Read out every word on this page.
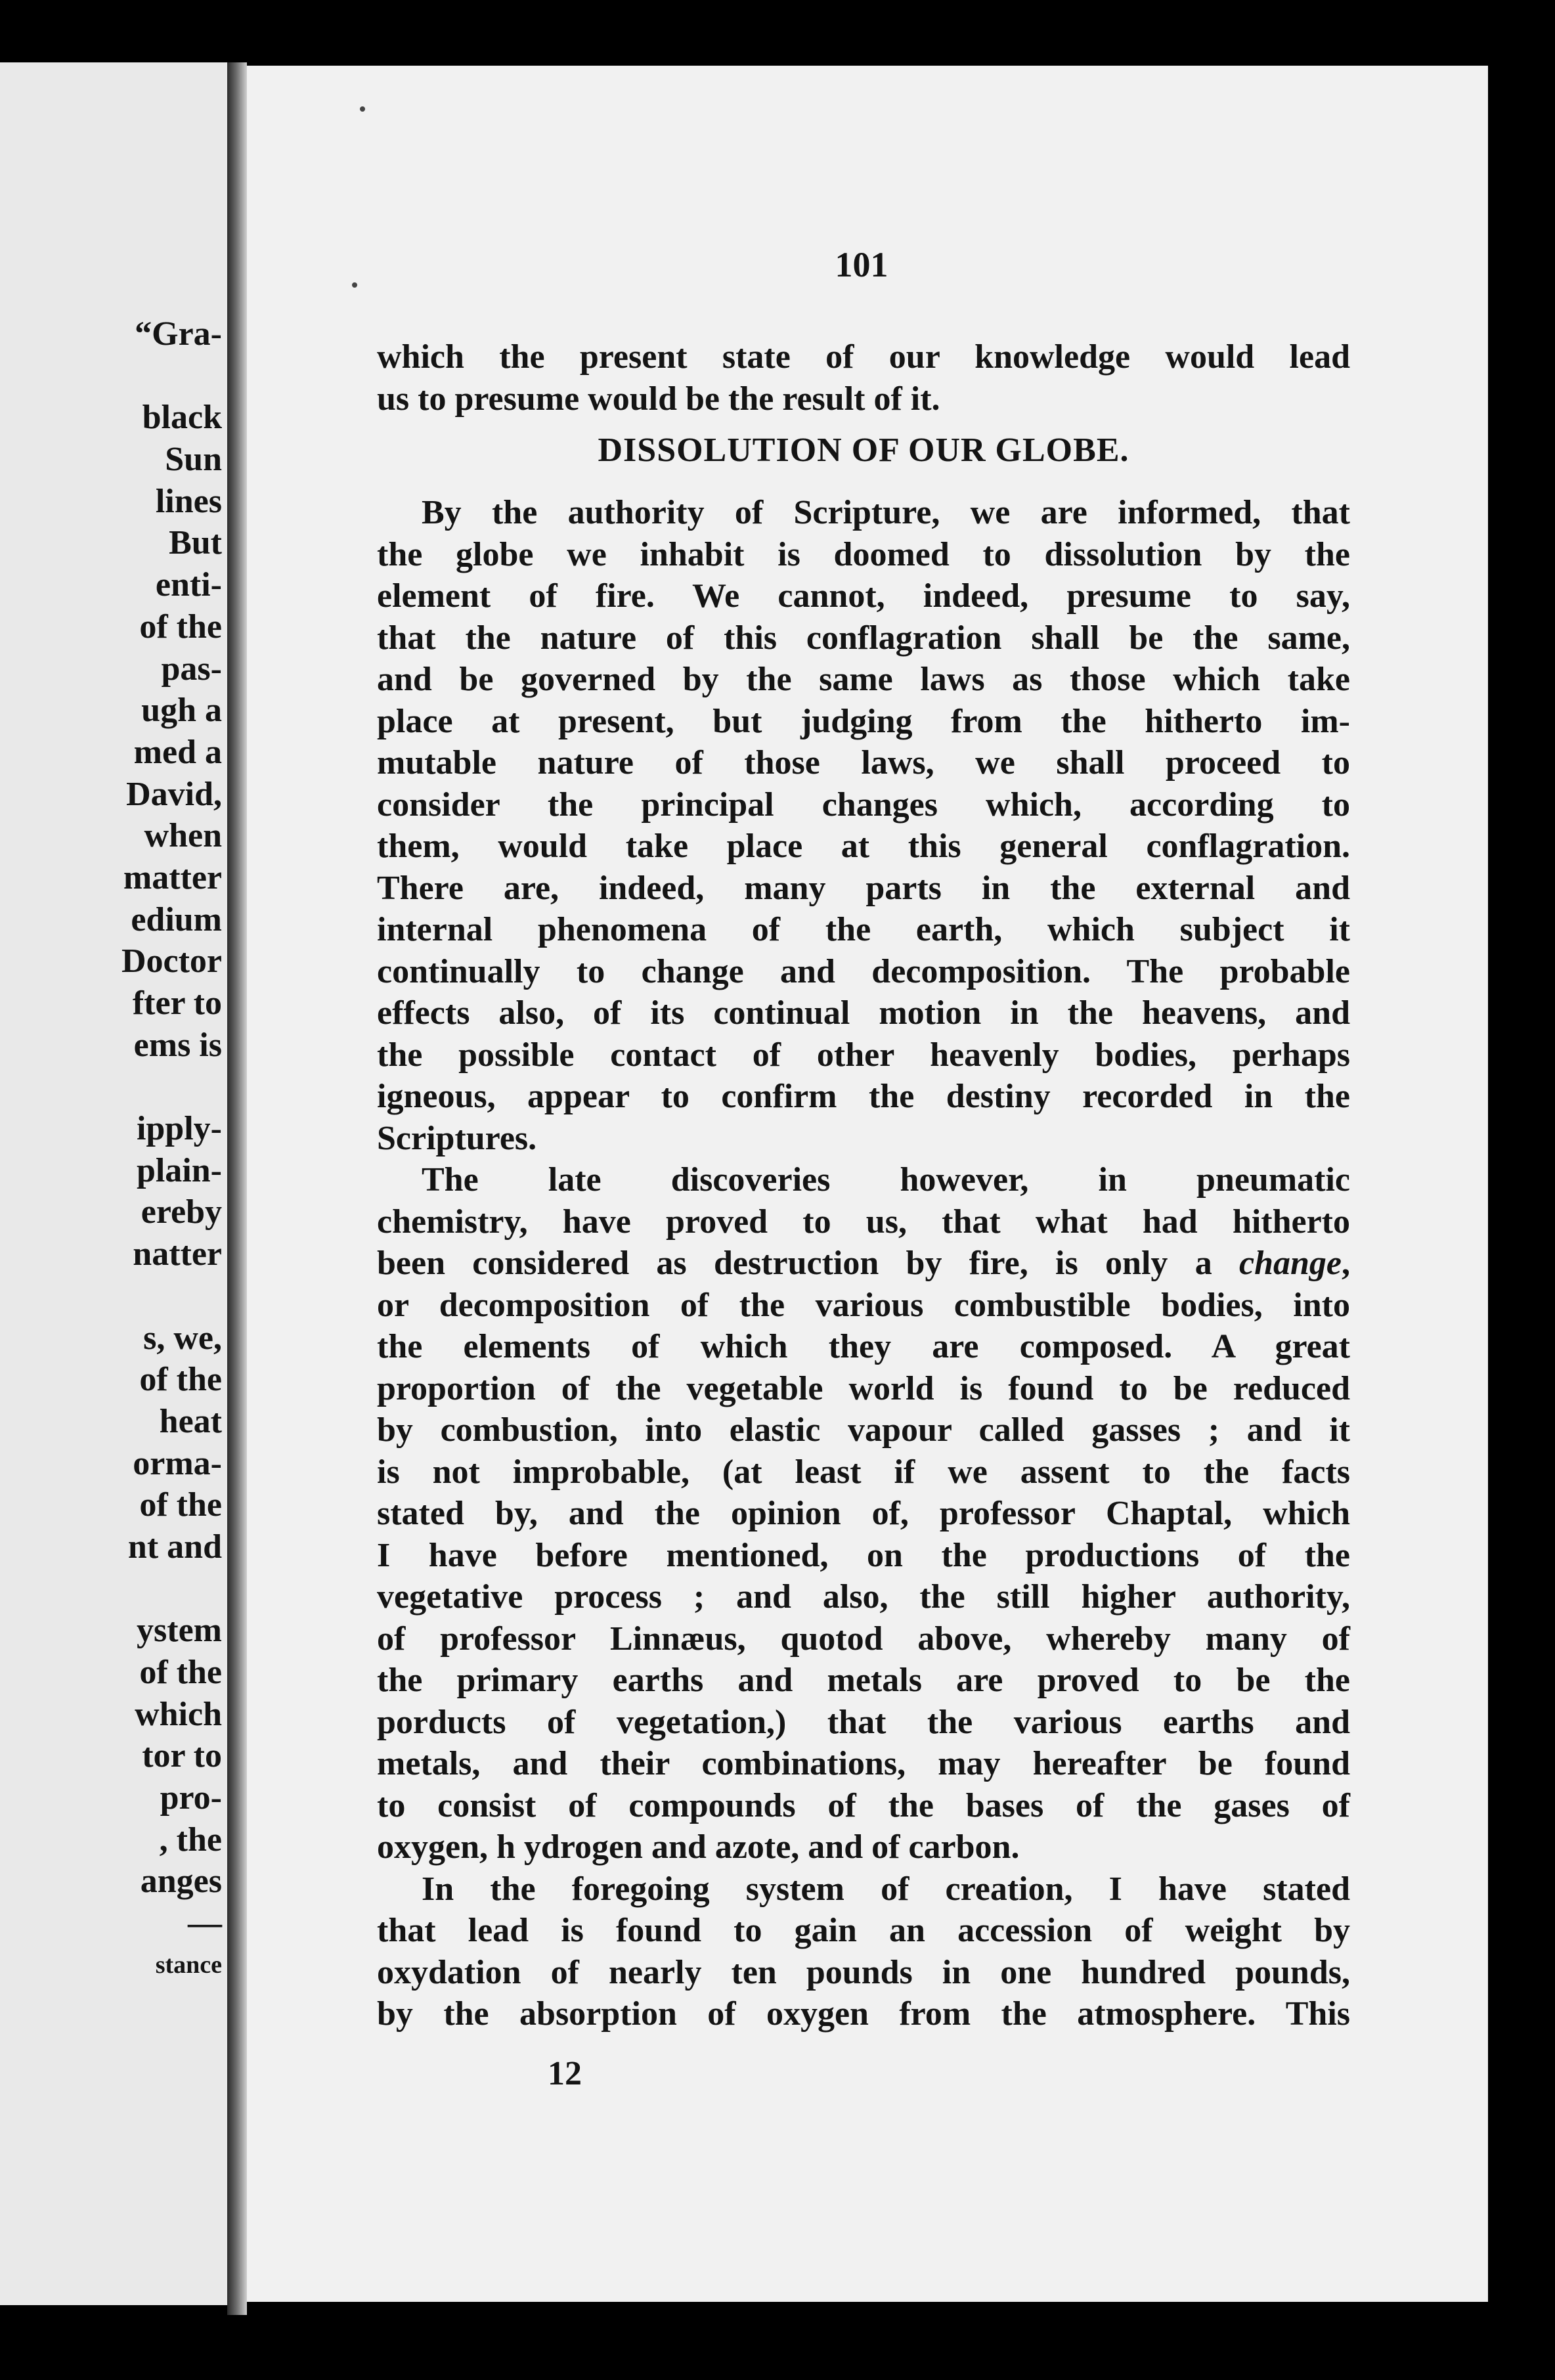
“Gra-
black
Sun
lines
But
enti-
of the
pas-
ugh a
med a
David,
when
matter
edium
Doctor
fter to
ems is
ipply-
plain-
ereby
natter
s, we,
of the
heat
orma-
of the
nt and
ystem
of the
which
tor to
pro-
, the
anges
—
stance
101
which the present state of our knowledge would lead
us to presume would be the result of it.
DISSOLUTION OF OUR GLOBE.
By the authority of Scripture, we are informed, that
the globe we inhabit is doomed to dissolution by the
element of fire. We cannot, indeed, presume to say,
that the nature of this conflagration shall be the same,
and be governed by the same laws as those which take
place at present, but judging from the hitherto im-
mutable nature of those laws, we shall proceed to
consider the principal changes which, according to
them, would take place at this general conflagration.
There are, indeed, many parts in the external and
internal phenomena of the earth, which subject it
continually to change and decomposition. The probable
effects also, of its continual motion in the heavens, and
the possible contact of other heavenly bodies, perhaps
igneous, appear to confirm the destiny recorded in the
Scriptures.
The late discoveries however, in pneumatic
chemistry, have proved to us, that what had hitherto
been considered as destruction by fire, is only a change,
or decomposition of the various combustible bodies, into
the elements of which they are composed. A great
proportion of the vegetable world is found to be reduced
by combustion, into elastic vapour called gasses ; and it
is not improbable, (at least if we assent to the facts
stated by, and the opinion of, professor Chaptal, which
I have before mentioned, on the productions of the
vegetative process ; and also, the still higher authority,
of professor Linnæus, quotod above, whereby many of
the primary earths and metals are proved to be the
porducts of vegetation,) that the various earths and
metals, and their combinations, may hereafter be found
to consist of compounds of the bases of the gases of
oxygen, h ydrogen and azote, and of carbon.
In the foregoing system of creation, I have stated
that lead is found to gain an accession of weight by
oxydation of nearly ten pounds in one hundred pounds,
by the absorption of oxygen from the atmosphere. This
12
